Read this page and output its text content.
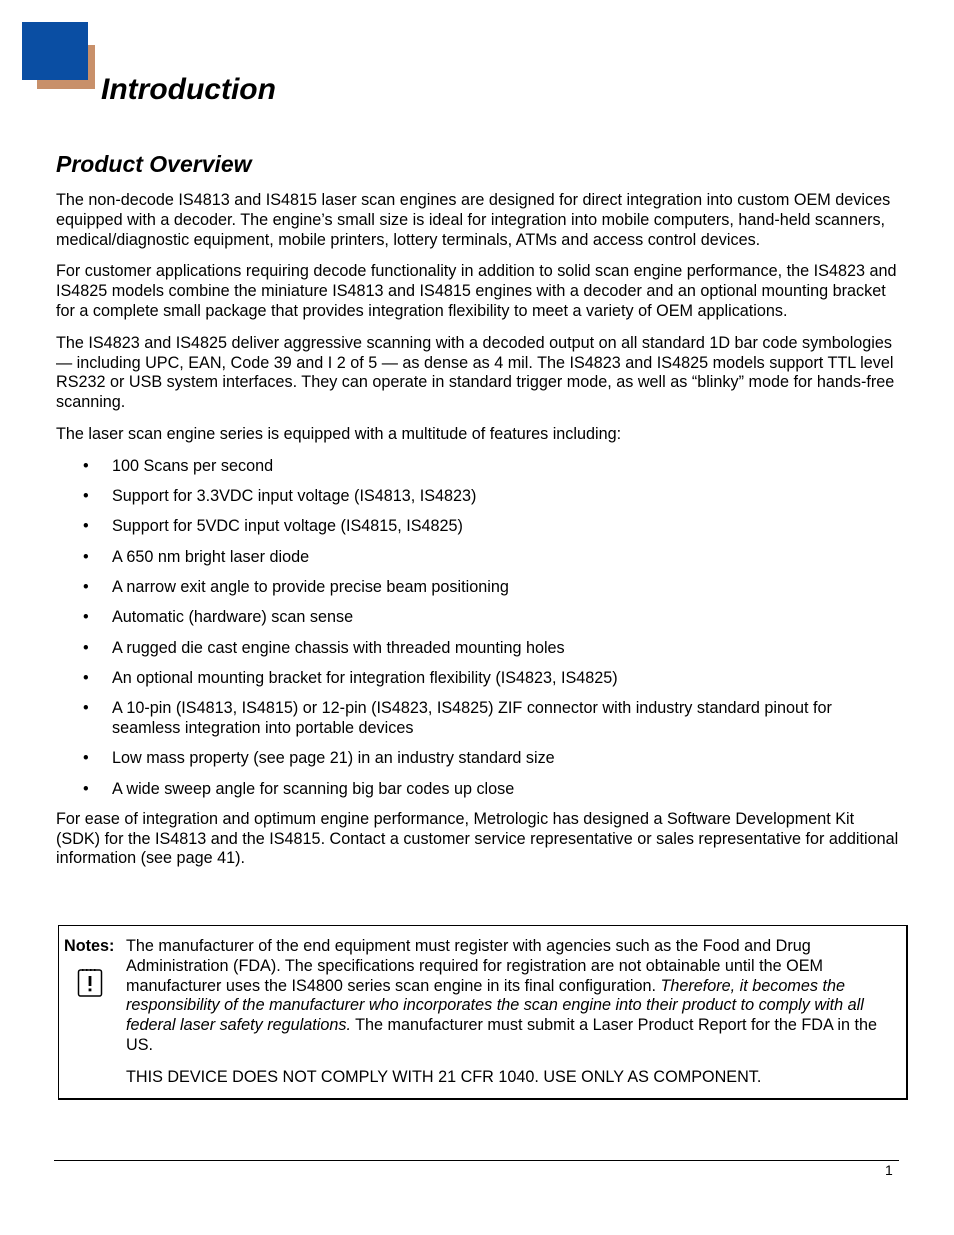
Introduction
Product Overview

The non-decode IS4813 and IS4815 laser scan engines are designed for direct integration into custom OEM devices equipped with a decoder. The engine’s small size is ideal for integration into mobile computers, hand-held scanners, medical/diagnostic equipment, mobile printers, lottery terminals, ATMs and access control devices.

For customer applications requiring decode functionality in addition to solid scan engine performance, the IS4823 and IS4825 models combine the miniature IS4813 and IS4815 engines with a decoder and an optional mounting bracket for a complete small package that provides integration flexibility to meet a variety of OEM applications.

The IS4823 and IS4825 deliver aggressive scanning with a decoded output on all standard 1D bar code symbologies — including UPC, EAN, Code 39 and I 2 of 5 — as dense as 4 mil. The IS4823 and IS4825 models support TTL level RS232 or USB system interfaces. They can operate in standard trigger mode, as well as “blinky” mode for hands-free scanning.

The laser scan engine series is equipped with a multitude of features including:

• 100 Scans per second
• Support for 3.3VDC input voltage (IS4813, IS4823)
• Support for 5VDC input voltage (IS4815, IS4825)
• A 650 nm bright laser diode
• A narrow exit angle to provide precise beam positioning
• Automatic (hardware) scan sense
• A rugged die cast engine chassis with threaded mounting holes
• An optional mounting bracket for integration flexibility (IS4823, IS4825)
• A 10-pin (IS4813, IS4815) or 12-pin (IS4823, IS4825) ZIF connector with industry standard pinout for seamless integration into portable devices
• Low mass property (see page 21) in an industry standard size
• A wide sweep angle for scanning big bar codes up close

For ease of integration and optimum engine performance, Metrologic has designed a Software Development Kit (SDK) for the IS4813 and the IS4815. Contact a customer service representative or sales representative for additional information (see page 41).

Notes: The manufacturer of the end equipment must register with agencies such as the Food and Drug Administration (FDA). The specifications required for registration are not obtainable until the OEM manufacturer uses the IS4800 series scan engine in its final configuration. Therefore, it becomes the responsibility of the manufacturer who incorporates the scan engine into their product to comply with all federal laser safety regulations. The manufacturer must submit a Laser Product Report for the FDA in the US.

THIS DEVICE DOES NOT COMPLY WITH 21 CFR 1040. USE ONLY AS COMPONENT.

1
